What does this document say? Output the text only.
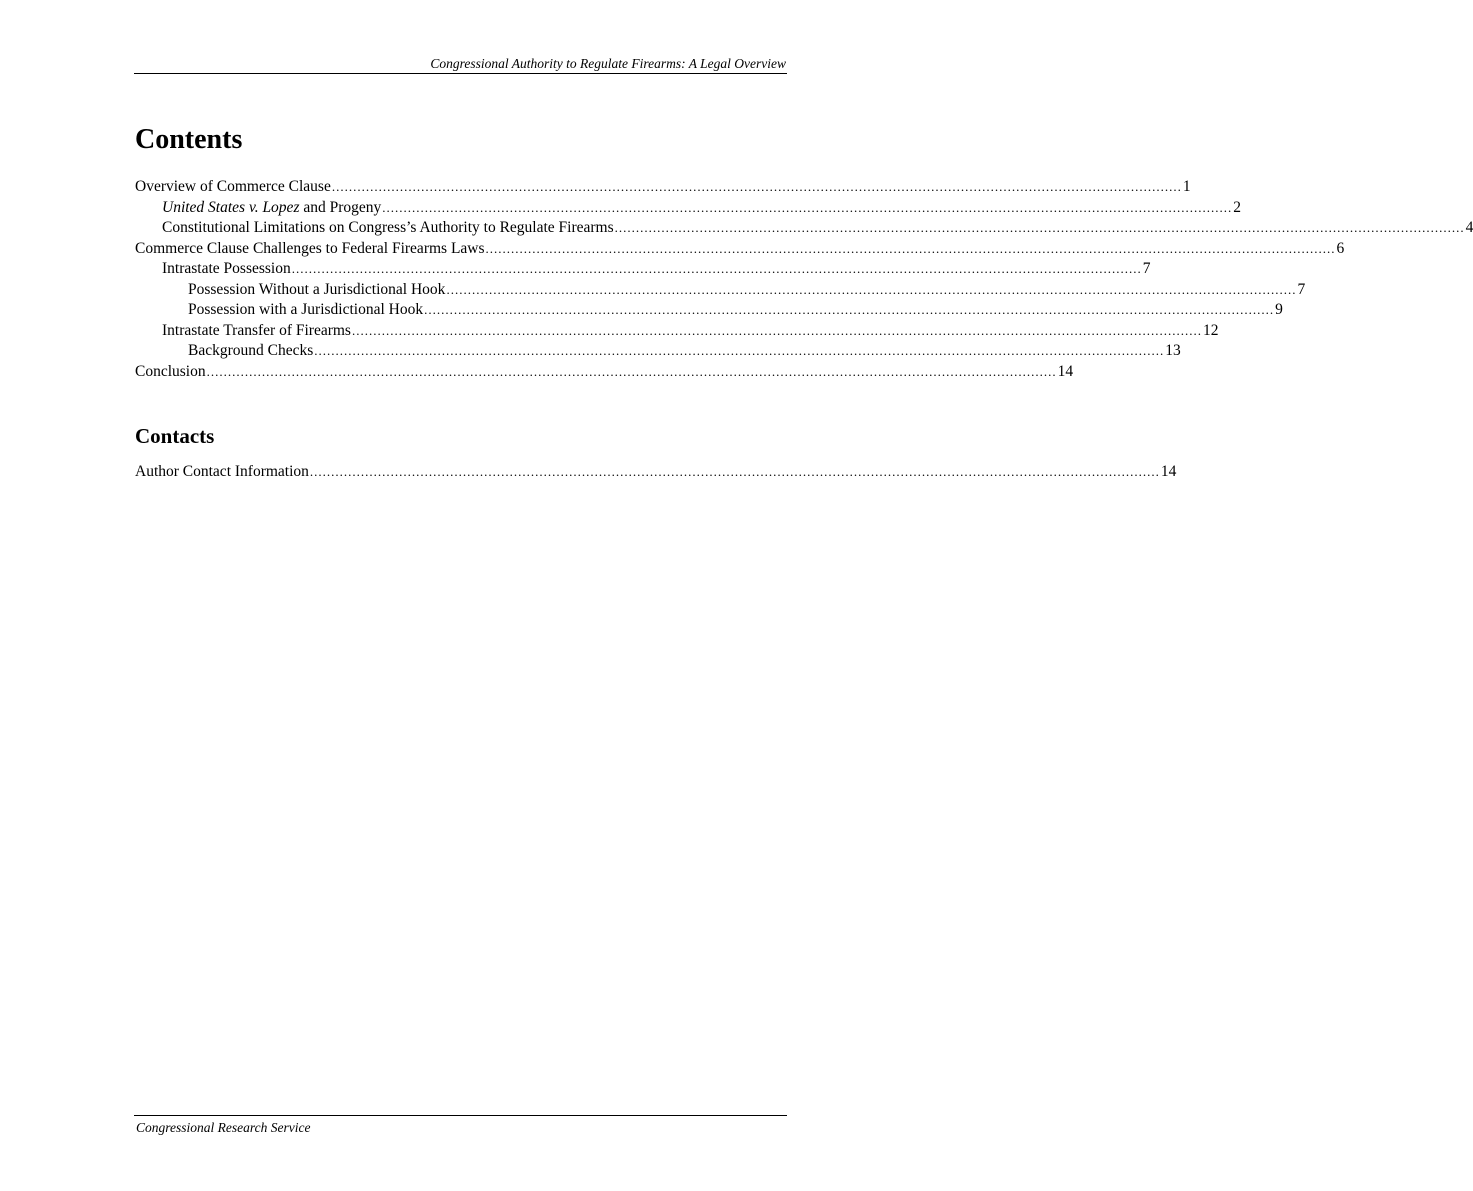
Congressional Authority to Regulate Firearms: A Legal Overview
Contents
Overview of Commerce Clause ........................................................................................................................................................................................................ 1
United States v. Lopez and Progeny ........................................................................................................................................................................................................ 2
Constitutional Limitations on Congress’s Authority to Regulate Firearms ........................................................................................................................................................................................................ 4
Commerce Clause Challenges to Federal Firearms Laws ........................................................................................................................................................................................................ 6
Intrastate Possession ........................................................................................................................................................................................................ 7
Possession Without a Jurisdictional Hook ........................................................................................................................................................................................................ 7
Possession with a Jurisdictional Hook ........................................................................................................................................................................................................ 9
Intrastate Transfer of Firearms ........................................................................................................................................................................................................ 12
Background Checks ........................................................................................................................................................................................................ 13
Conclusion ........................................................................................................................................................................................................ 14
Contacts
Author Contact Information ........................................................................................................................................................................................................ 14
Congressional Research Service
